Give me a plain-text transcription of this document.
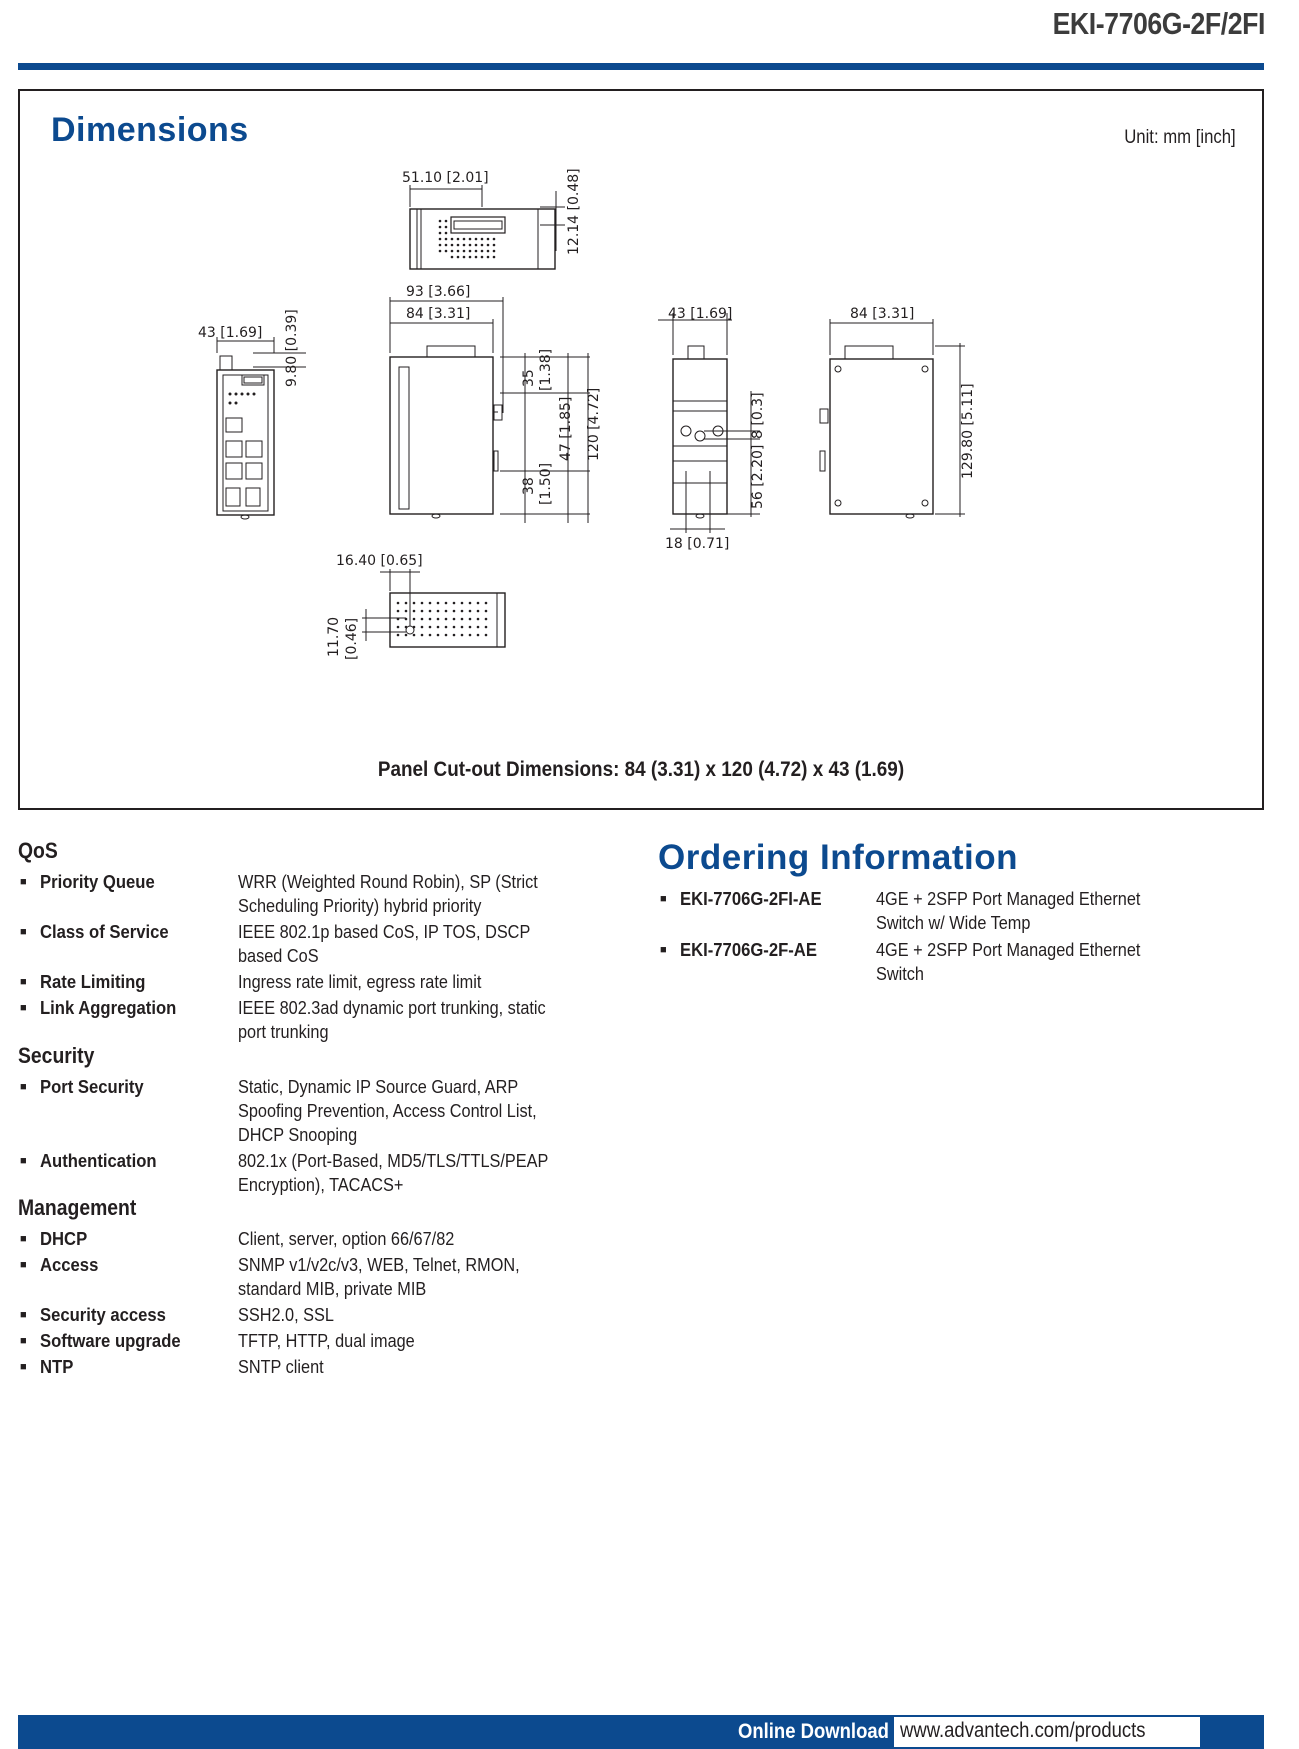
EKI-7706G-2F/2FI
Dimensions	Unit: mm [inch]
51.10 [2.01]	12.14 [0.48]
43 [1.69] 9.80 [0.39]
93 [3.66]
84 [3.31]
35 [1.38]
47 [1.85] 120 [4.72]
38 [1.50]
43 [1.69]
8 [0.3]
56 [2.20]
18 [0.71]
84 [3.31]
129.80 [5.11]
16.40 [0.65]
11.70 [0.46]
Panel Cut-out Dimensions: 84 (3.31) x 120 (4.72) x 43 (1.69)
QoS
■ Priority Queue	WRR (Weighted Round Robin), SP (Strict Scheduling Priority) hybrid priority
■ Class of Service	IEEE 802.1p based CoS, IP TOS, DSCP based CoS
■ Rate Limiting	Ingress rate limit, egress rate limit
■ Link Aggregation	IEEE 802.3ad dynamic port trunking, static port trunking
Security
■ Port Security	Static, Dynamic IP Source Guard, ARP Spoofing Prevention, Access Control List, DHCP Snooping
■ Authentication	802.1x (Port-Based, MD5/TLS/TTLS/PEAP Encryption), TACACS+
Management
■ DHCP	Client, server, option 66/67/82
■ Access	SNMP v1/v2c/v3, WEB, Telnet, RMON, standard MIB, private MIB
■ Security access	SSH2.0, SSL
■ Software upgrade	TFTP, HTTP, dual image
■ NTP	SNTP client
Ordering Information
■ EKI-7706G-2FI-AE	4GE + 2SFP Port Managed Ethernet Switch w/ Wide Temp
■ EKI-7706G-2F-AE	4GE + 2SFP Port Managed Ethernet Switch
Online Download www.advantech.com/products
